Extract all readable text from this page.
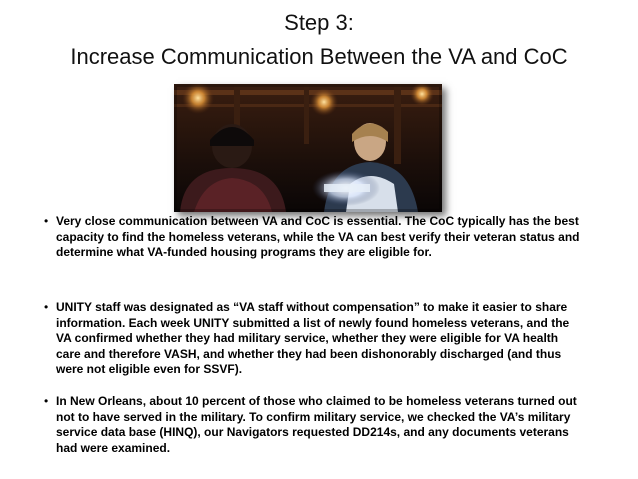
Step 3:
Increase Communication Between the VA and CoC
• Very close communication between VA and CoC is essential. The CoC typically has the best capacity to find the homeless veterans, while the VA can best verify their veteran status and determine what VA-funded housing programs they are eligible for.
• UNITY staff was designated as “VA staff without compensation” to make it easier to share information. Each week UNITY submitted a list of newly found homeless veterans, and the VA confirmed whether they had military service, whether they were eligible for VA health care and therefore VASH, and whether they had been dishonorably discharged (and thus were not eligible even for SSVF).
• In New Orleans, about 10 percent of those who claimed to be homeless veterans turned out not to have served in the military. To confirm military service, we checked the VA’s military service data base (HINQ), our Navigators requested DD214s, and any documents veterans had were examined.
